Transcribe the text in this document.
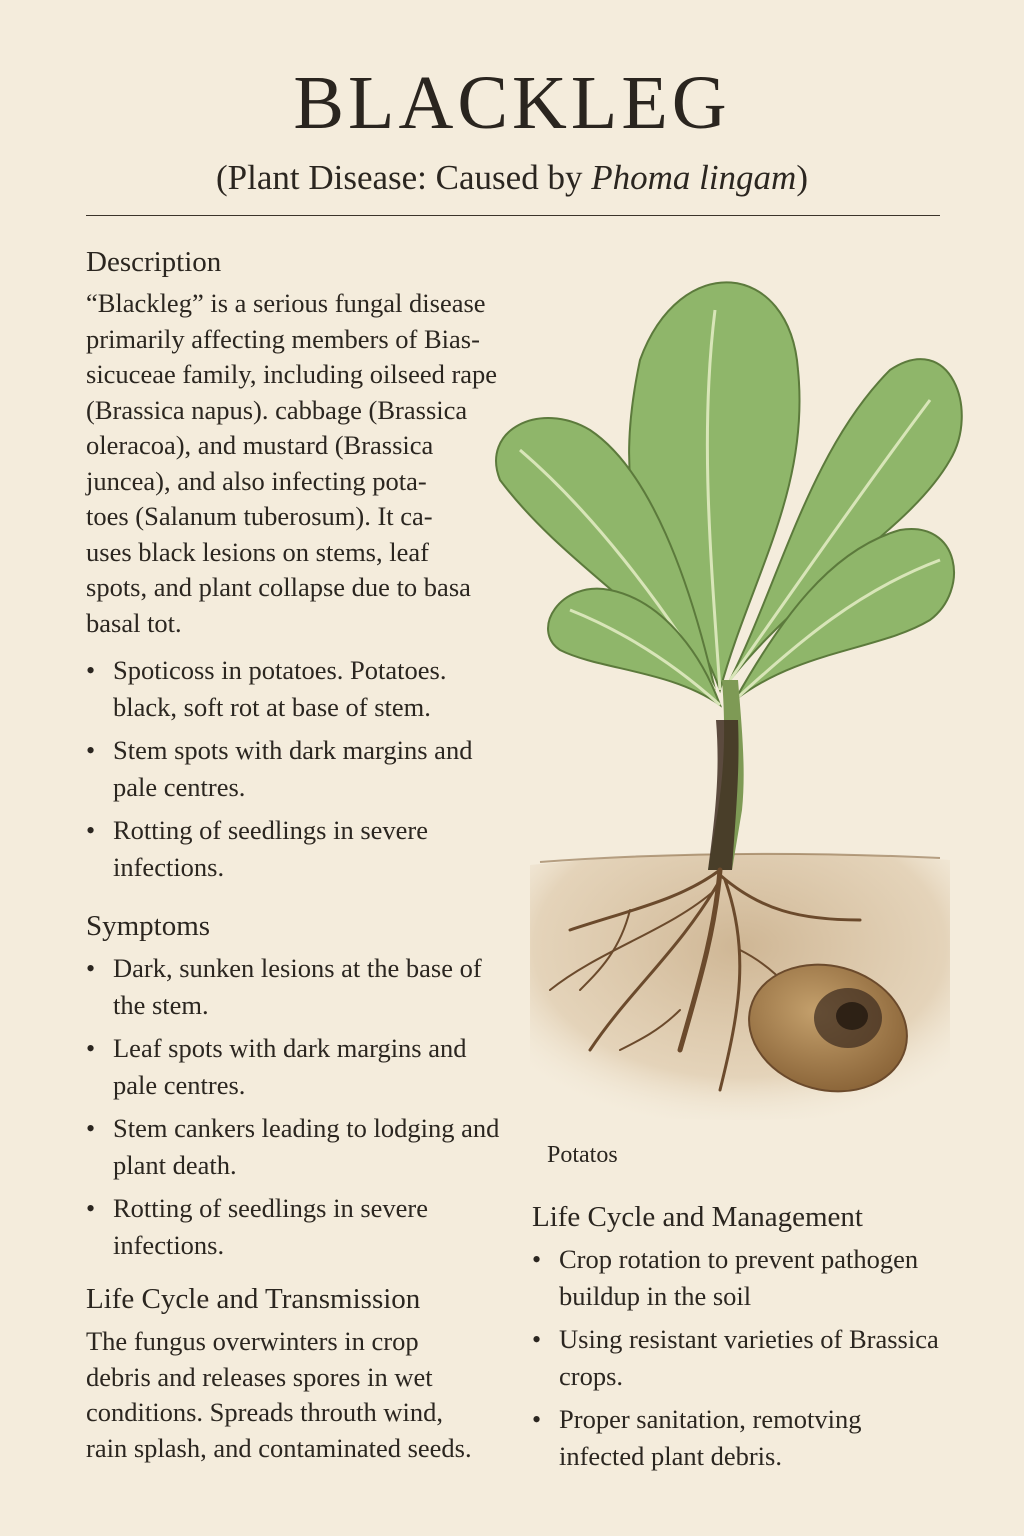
BLACKLEG
(Plant Disease: Caused by Phoma lingam)
Description
“Blackleg” is a serious fungal disease
primarily affecting members of Bias-
sicuceae family, including oilseed rape
(Brassica napus). cabbage (Brassica
oleracoa), and mustard (Brassica
juncea), and also infecting pota-
toes (Salanum tuberosum). It ca-
uses black lesions on stems, leaf
spots, and plant collapse due to basa
basal tot.
• Spoticoss in potatoes. Potatoes. black, soft rot at base of stem.
• Stem spots with dark margins and pale centres.
• Rotting of seedlings in severe infections.
Symptoms
• Dark, sunken lesions at the base of the stem.
• Leaf spots with dark margins and pale centres.
• Stem cankers leading to lodging and plant death.
• Rotting of seedlings in severe infections.
Life Cycle and Transmission
The fungus overwinters in crop
debris and releases spores in wet
conditions. Spreads throuth wind,
rain splash, and contaminated seeds.
Potatos
Life Cycle and Management
• Crop rotation to prevent pathogen buildup in the soil
• Using resistant varieties of Brassica crops.
• Proper sanitation, remotving infected plant debris.
